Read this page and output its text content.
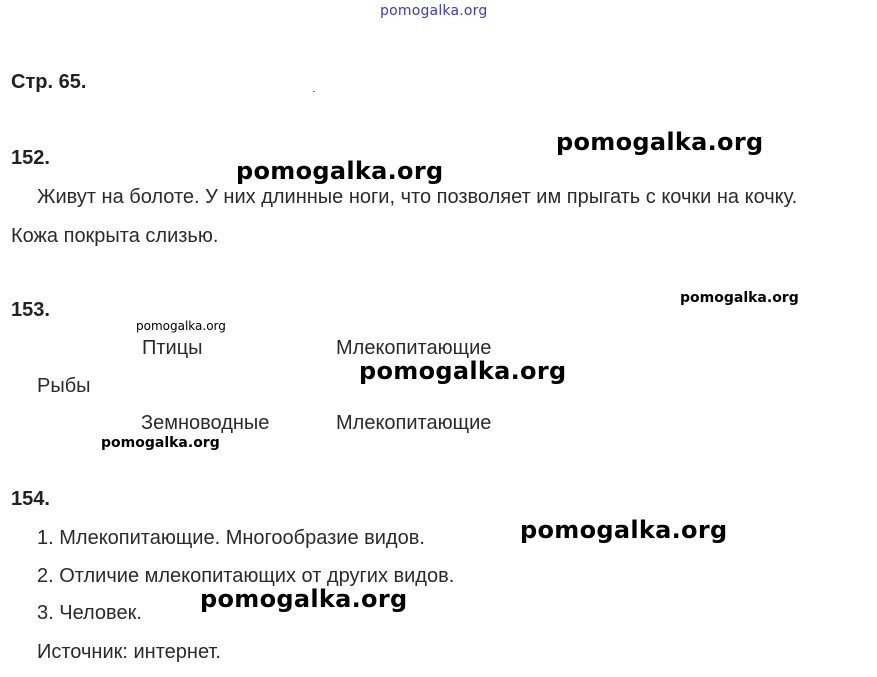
pomogalka.org
Стр. 65.
152.
Живут на болоте. У них длинные ноги, что позволяет им прыгать с кочки на кочку.
Кожа покрыта слизью.
153.
Птицы	Млекопитающие
Рыбы
Земноводные	Млекопитающие
154.
1. Млекопитающие. Многообразие видов.
2. Отличие млекопитающих от других видов.
3. Человек.
Источник: интернет.
pomogalka.org
pomogalka.org
pomogalka.org
pomogalka.org
pomogalka.org
pomogalka.org
pomogalka.org
pomogalka.org
